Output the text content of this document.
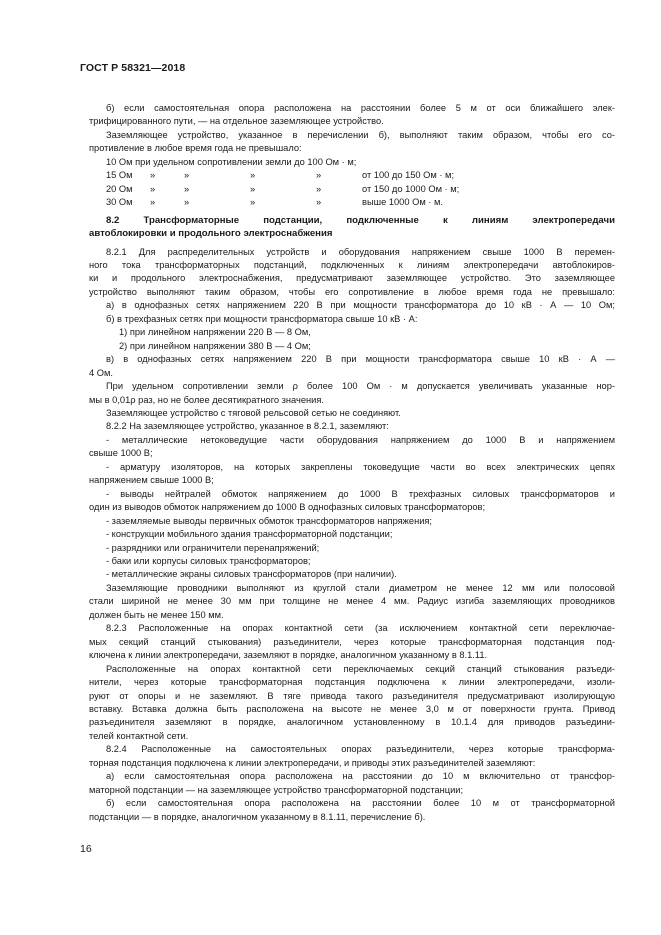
ГОСТ Р 58321—2018

б) если самостоятельная опора расположена на расстоянии более 5 м от оси ближайшего элек-

трифицированного пути, — на отдельное заземляющее устройство.

Заземляющее устройство, указанное в перечислении б), выполняют таким образом, чтобы его со-

противление в любое время года не превышало:

10 Ом при удельном сопротивлении земли до 100 Ом · м;

15 Ом	»	»	»	»	от 100 до 150 Ом · м;
20 Ом	»	»	»	»	от 150 до 1000 Ом · м;
30 Ом	»	»	»	»	выше 1000 Ом · м.
8.2 Трансформаторные подстанции, подключенные к линиям электропередачи
автоблокировки и продольного электроснабжения

8.2.1 Для распределительных устройств и оборудования напряжением свыше 1000 В перемен-

ного тока трансформаторных подстанций, подключенных к линиям электропередачи автоблокиров-

ки и продольного электроснабжения, предусматривают заземляющее устройство. Это заземляющее

устройство выполняют таким образом, чтобы его сопротивление в любое время года не превышало:

а) в однофазных сетях напряжением 220 В при мощности трансформатора до 10 кВ · А — 10 Ом;

б) в трехфазных сетях при мощности трансформатора свыше 10 кВ · А:

1) при линейном напряжении 220 В — 8 Ом,

2) при линейном напряжении 380 В — 4 Ом;

в) в однофазных сетях напряжением 220 В при мощности трансформатора свыше 10 кВ · А —

4 Ом.

При удельном сопротивлении земли ρ более 100 Ом · м допускается увеличивать указанные нор-

мы в 0,01ρ раз, но не более десятикратного значения.

Заземляющее устройство с тяговой рельсовой сетью не соединяют.

8.2.2 На заземляющее устройство, указанное в 8.2.1, заземляют:

- металлические нетоковедущие части оборудования напряжением до 1000 В и напряжением

свыше 1000 В;

- арматуру изоляторов, на которых закреплены токоведущие части во всех электрических цепях

напряжением свыше 1000 В;

- выводы нейтралей обмоток напряжением до 1000 В трехфазных силовых трансформаторов и

один из выводов обмоток напряжением до 1000 В однофазных силовых трансформаторов;

- заземляемые выводы первичных обмоток трансформаторов напряжения;

- конструкции мобильного здания трансформаторной подстанции;

- разрядники или ограничители перенапряжений;

- баки или корпусы силовых трансформаторов;

- металлические экраны силовых трансформаторов (при наличии).

Заземляющие проводники выполняют из круглой стали диаметром не менее 12 мм или полосовой

стали шириной не менее 30 мм при толщине не менее 4 мм. Радиус изгиба заземляющих проводников

должен быть не менее 150 мм.

8.2.3 Расположенные на опорах контактной сети (за исключением контактной сети переключае-

мых секций станций стыкования) разъединители, через которые трансформаторная подстанция под-

ключена к линии электропередачи, заземляют в порядке, аналогичном указанному в 8.1.11.

Расположенные на опорах контактной сети переключаемых секций станций стыкования разъеди-

нители, через которые трансформаторная подстанция подключена к линии электропередачи, изоли-

руют от опоры и не заземляют. В тяге привода такого разъединителя предусматривают изолирующую

вставку. Вставка должна быть расположена на высоте не менее 3,0 м от поверхности грунта. Привод

разъединителя заземляют в порядке, аналогичном установленному в 10.1.4 для приводов разъедини-

телей контактной сети.

8.2.4 Расположенные на самостоятельных опорах разъединители, через которые трансформа-

торная подстанция подключена к линии электропередачи, и приводы этих разъединителей заземляют:

а) если самостоятельная опора расположена на расстоянии до 10 м включительно от трансфор-

маторной подстанции — на заземляющее устройство трансформаторной подстанции;

б) если самостоятельная опора расположена на расстоянии более 10 м от трансформаторной

подстанции — в порядке, аналогичном указанному в 8.1.11, перечисление б).

16
